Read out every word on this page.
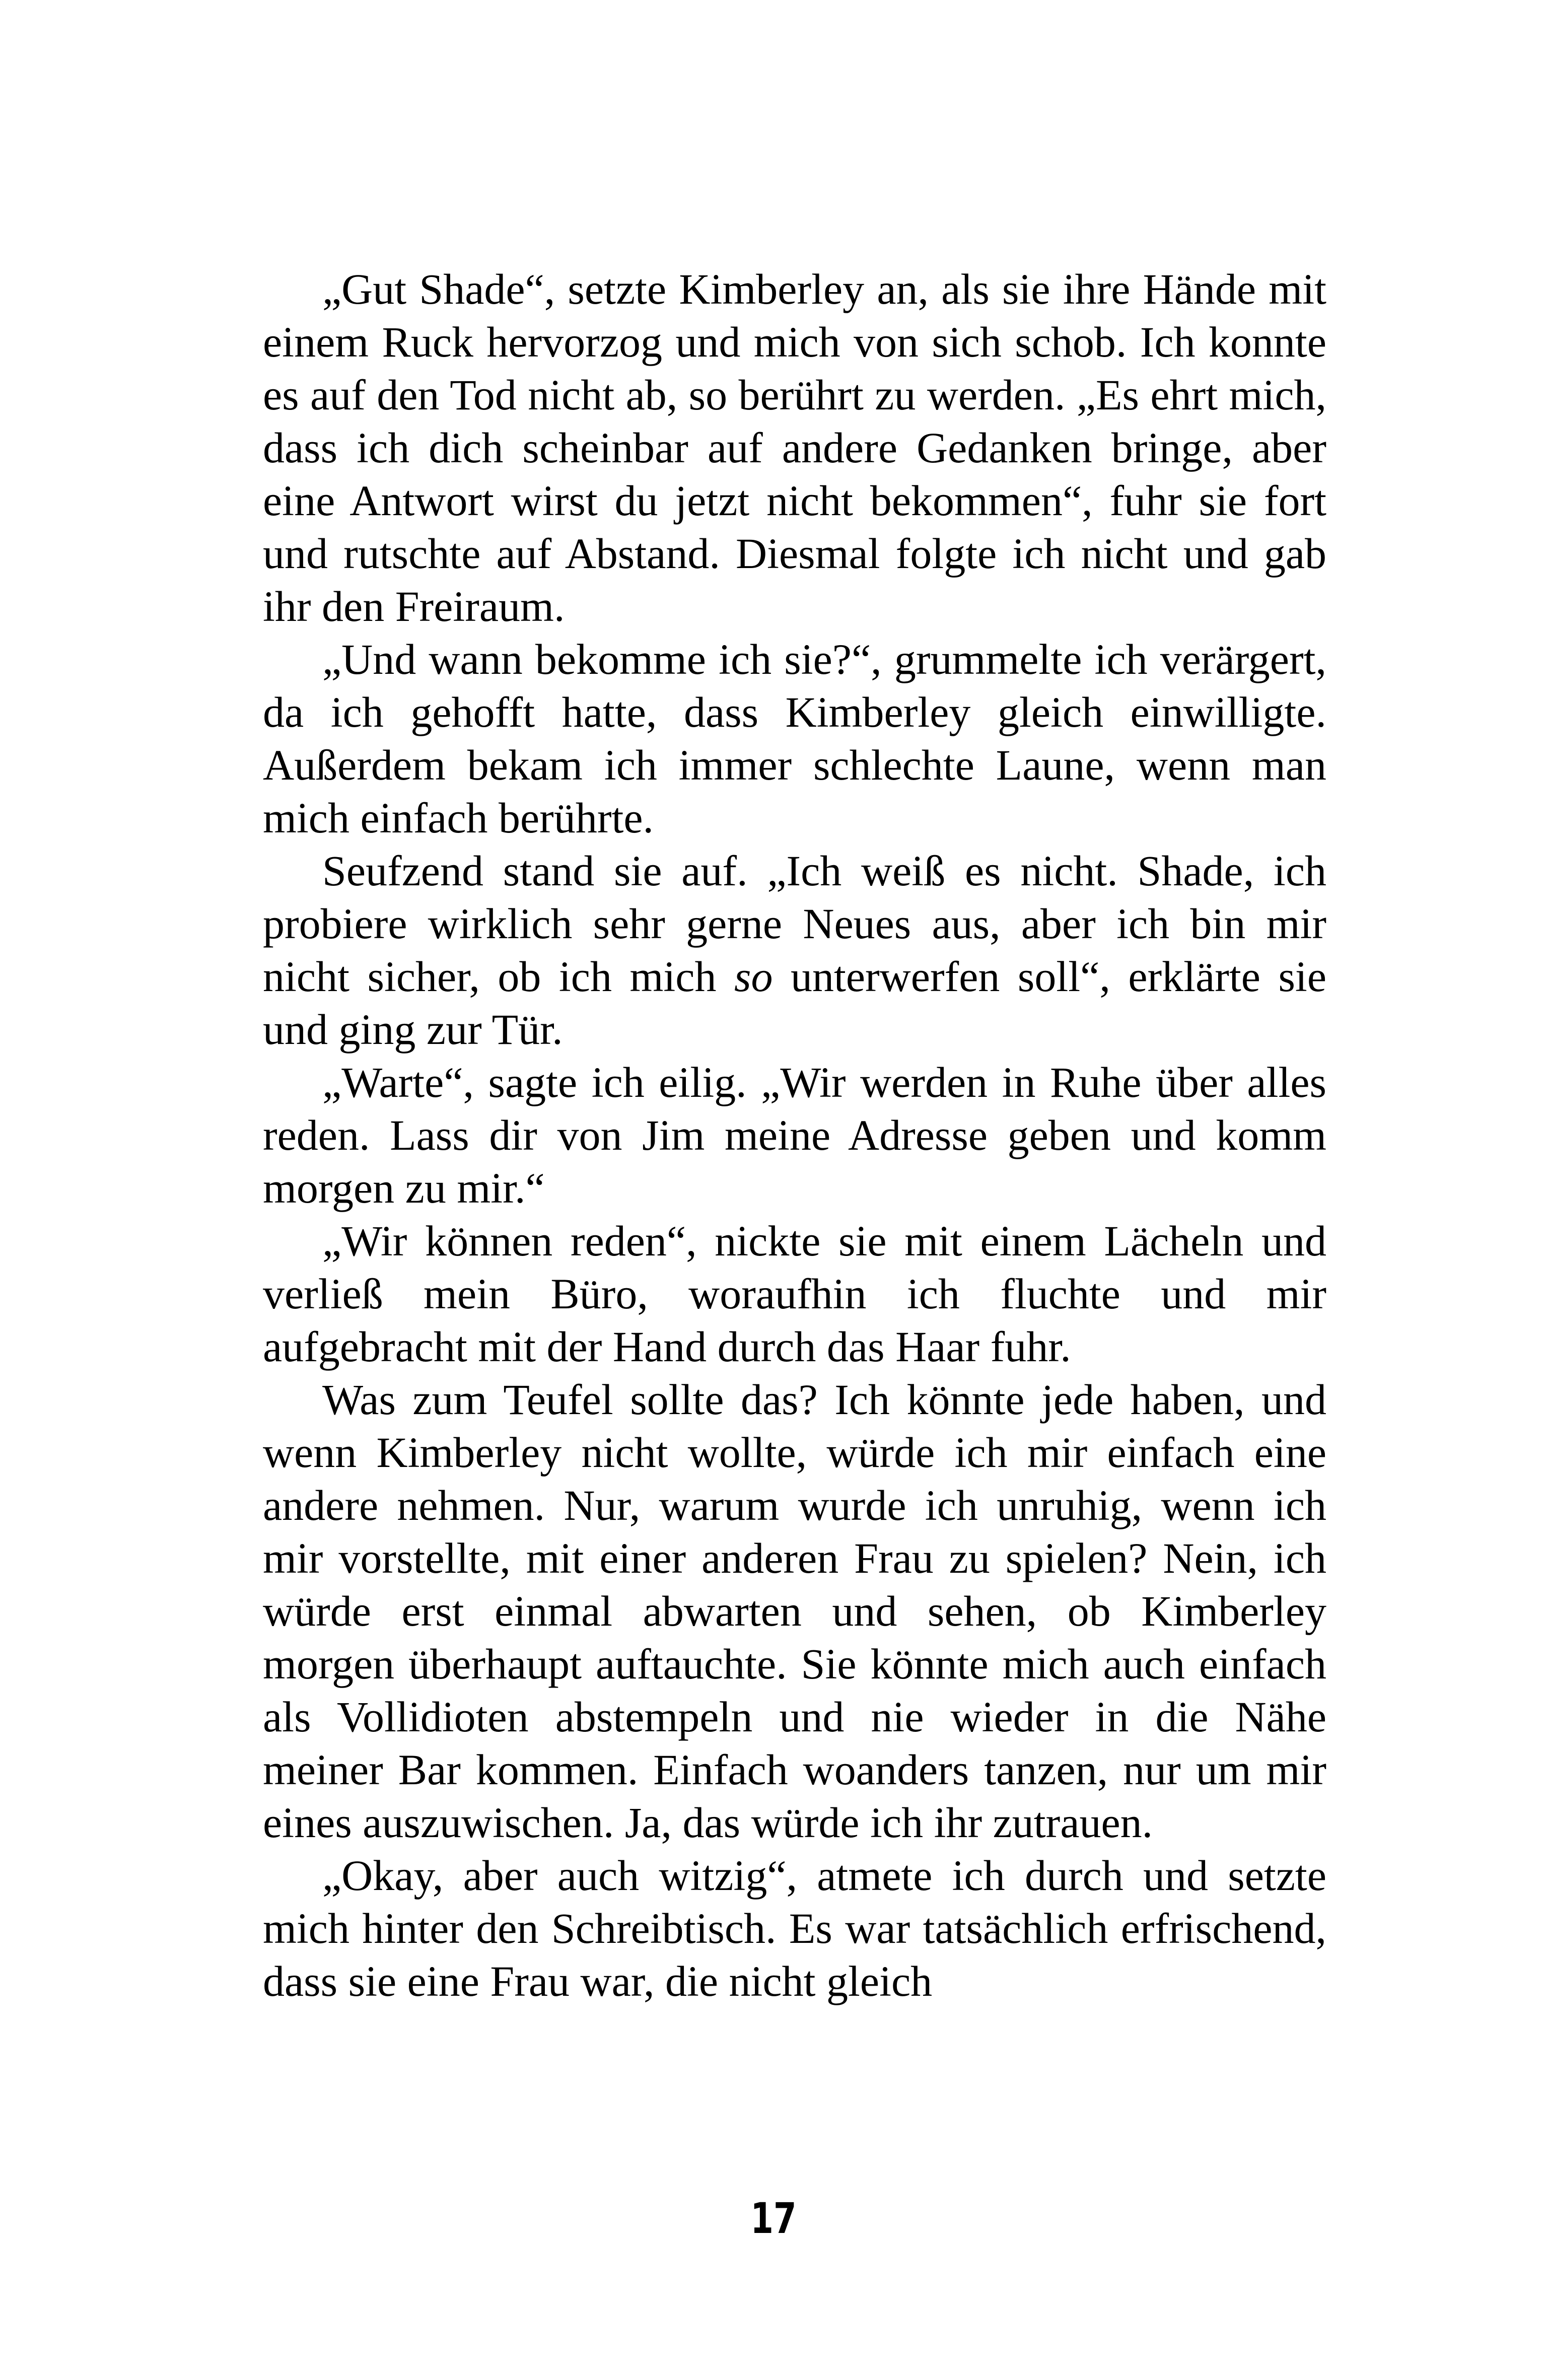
„Gut Shade“, setzte Kimberley an, als sie ihre Hände mit einem Ruck hervorzog und mich von sich schob. Ich konnte es auf den Tod nicht ab, so berührt zu werden. „Es ehrt mich, dass ich dich scheinbar auf andere Gedanken bringe, aber eine Antwort wirst du jetzt nicht bekommen“, fuhr sie fort und rutschte auf Abstand. Diesmal folgte ich nicht und gab ihr den Freiraum.

„Und wann bekomme ich sie?“, grummelte ich verärgert, da ich gehofft hatte, dass Kimberley gleich einwilligte. Außerdem bekam ich immer schlechte Laune, wenn man mich einfach berührte.

Seufzend stand sie auf. „Ich weiß es nicht. Shade, ich probiere wirklich sehr gerne Neues aus, aber ich bin mir nicht sicher, ob ich mich so unterwerfen soll“, erklärte sie und ging zur Tür.

„Warte“, sagte ich eilig. „Wir werden in Ruhe über alles reden. Lass dir von Jim meine Adresse geben und komm morgen zu mir.“

„Wir können reden“, nickte sie mit einem Lächeln und verließ mein Büro, woraufhin ich fluchte und mir aufgebracht mit der Hand durch das Haar fuhr.

Was zum Teufel sollte das? Ich könnte jede haben, und wenn Kimberley nicht wollte, würde ich mir einfach eine andere nehmen. Nur, warum wurde ich unruhig, wenn ich mir vorstellte, mit einer anderen Frau zu spielen? Nein, ich würde erst einmal abwarten und sehen, ob Kimberley morgen überhaupt auftauchte. Sie könnte mich auch einfach als Vollidioten abstempeln und nie wieder in die Nähe meiner Bar kommen. Einfach woanders tanzen, nur um mir eines auszuwischen. Ja, das würde ich ihr zutrauen.

„Okay, aber auch witzig“, atmete ich durch und setzte mich hinter den Schreibtisch. Es war tatsächlich erfrischend, dass sie eine Frau war, die nicht gleich

17
